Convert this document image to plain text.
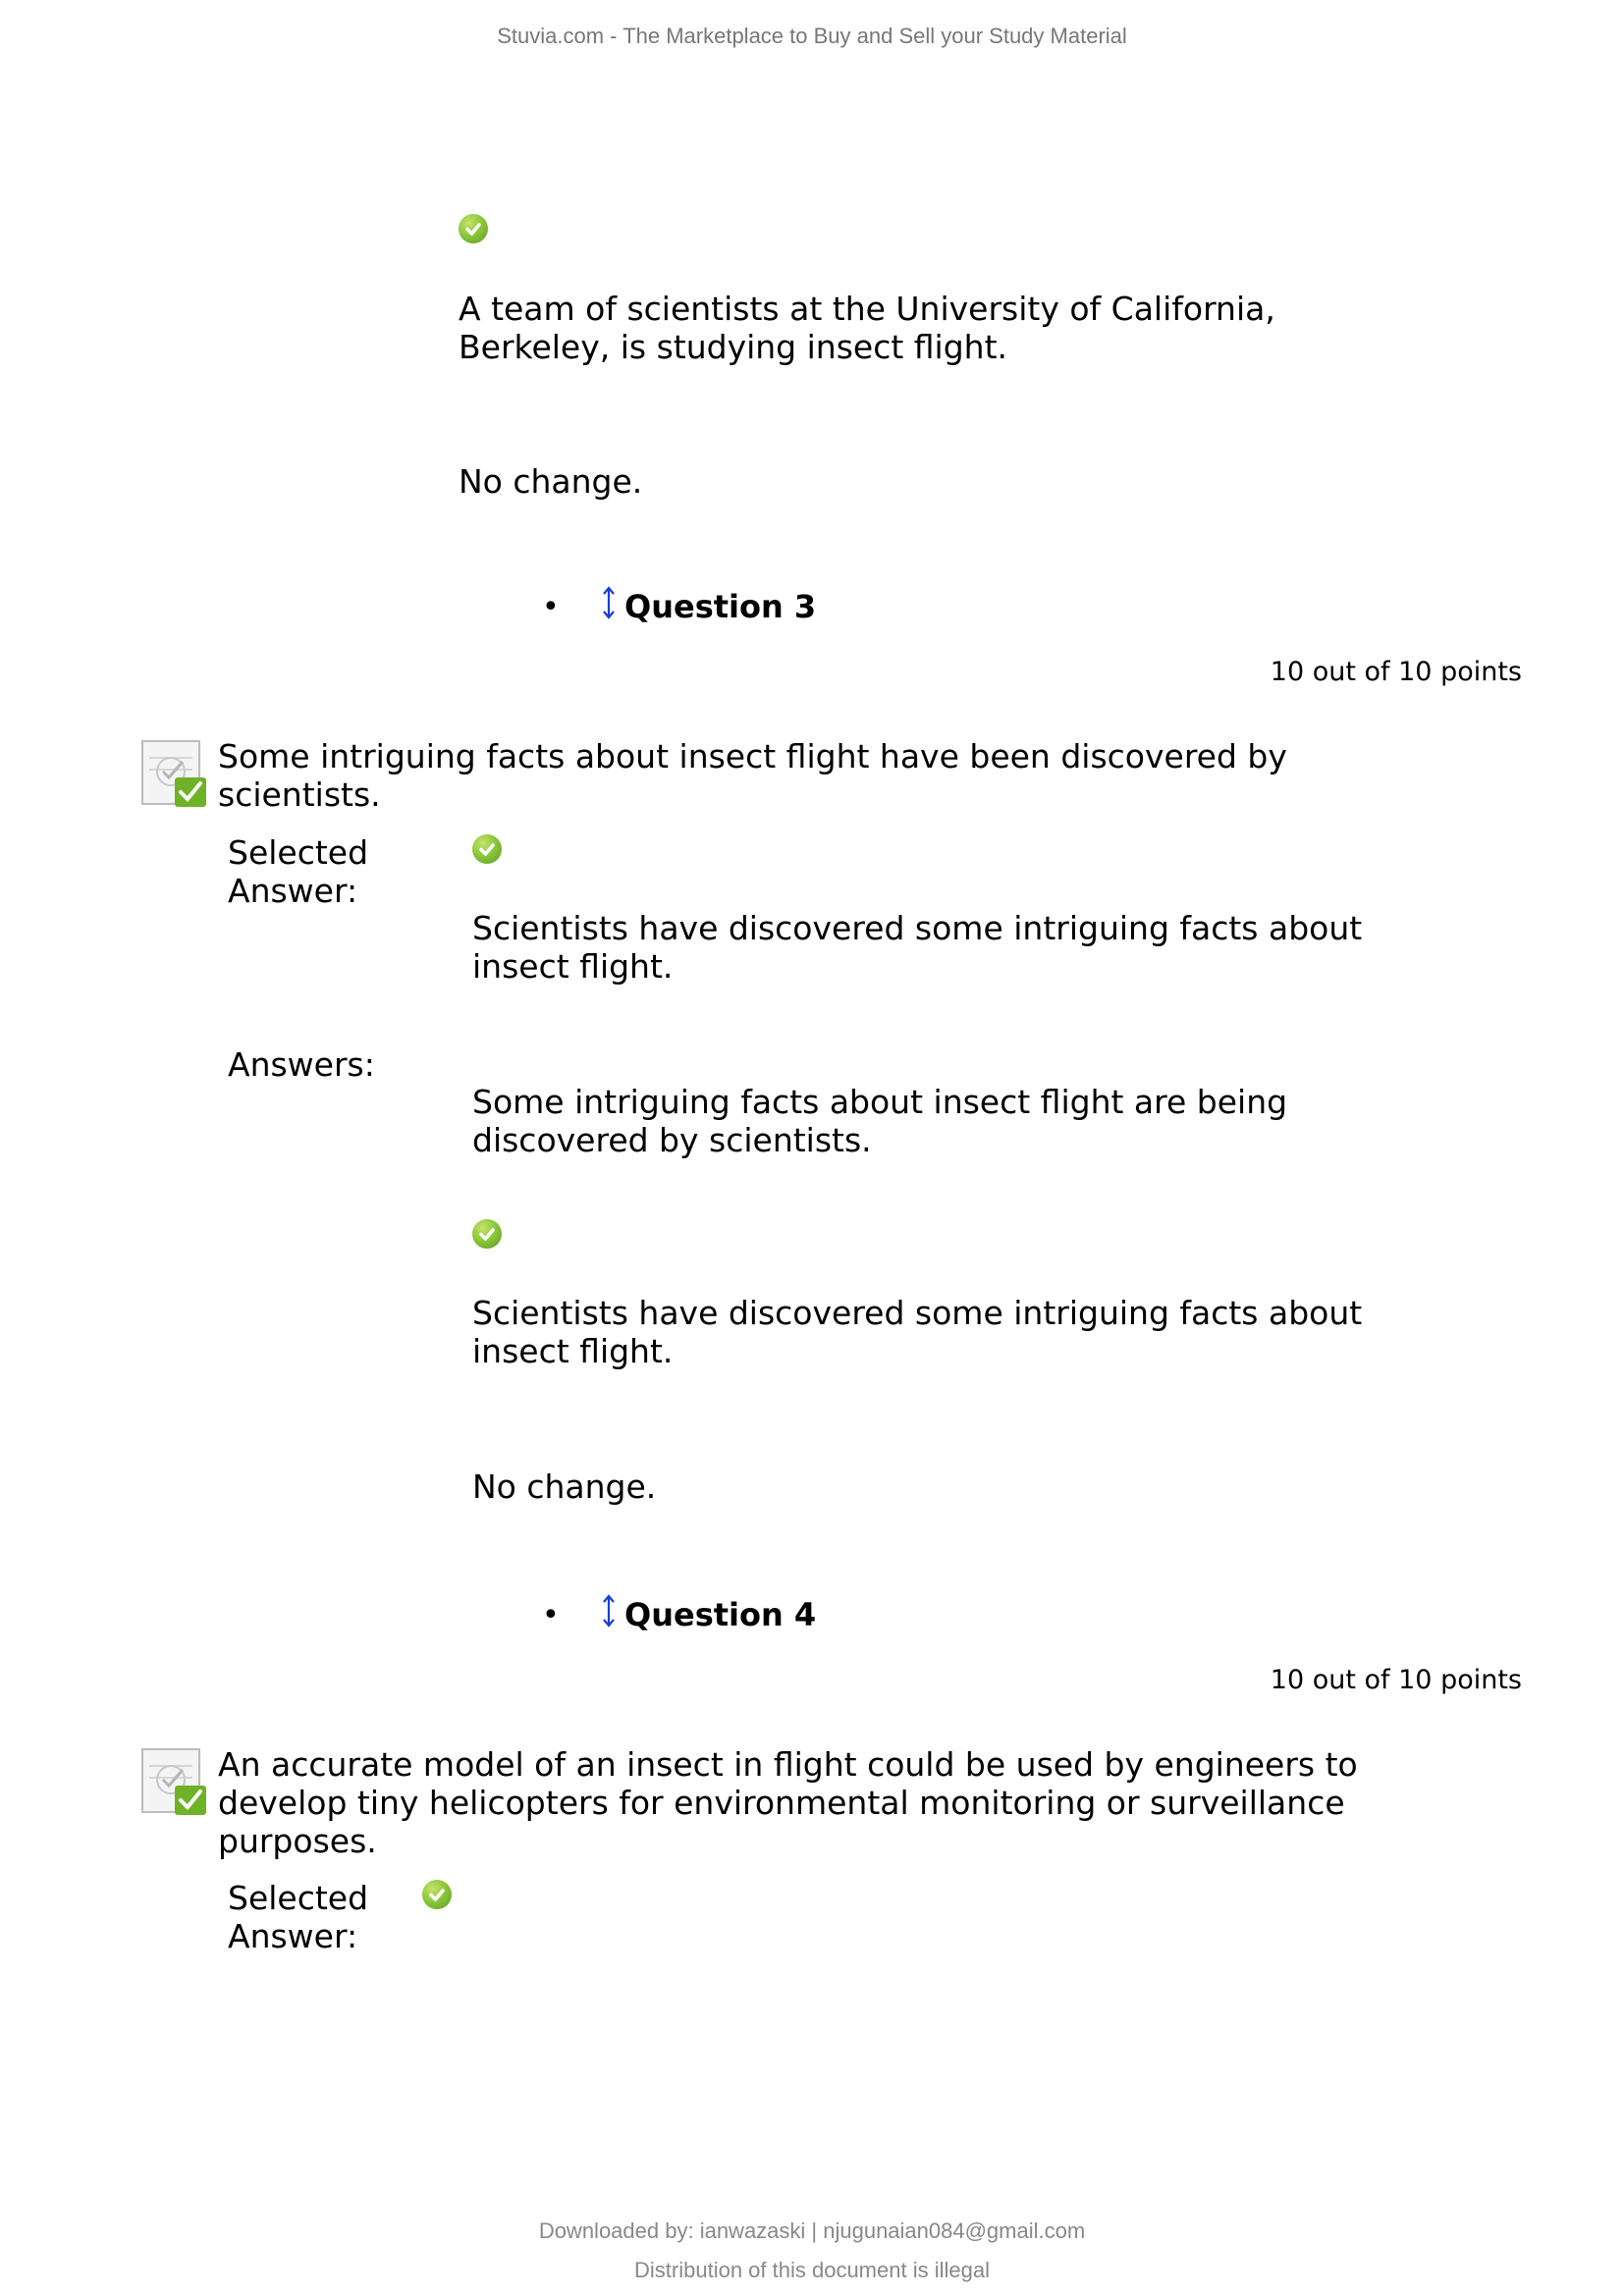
Stuvia.com - The Marketplace to Buy and Sell your Study Material
A team of scientists at the University of California, Berkeley, is studying insect flight.
No change.
• Question 3
10 out of 10 points
Some intriguing facts about insect flight have been discovered by scientists.
Selected Answer:
Scientists have discovered some intriguing facts about insect flight.
Answers:
Some intriguing facts about insect flight are being discovered by scientists.
Scientists have discovered some intriguing facts about insect flight.
No change.
• Question 4
10 out of 10 points
An accurate model of an insect in flight could be used by engineers to develop tiny helicopters for environmental monitoring or surveillance purposes.
Selected Answer:
Downloaded by: ianwazaski | njugunaian084@gmail.com
Distribution of this document is illegal
